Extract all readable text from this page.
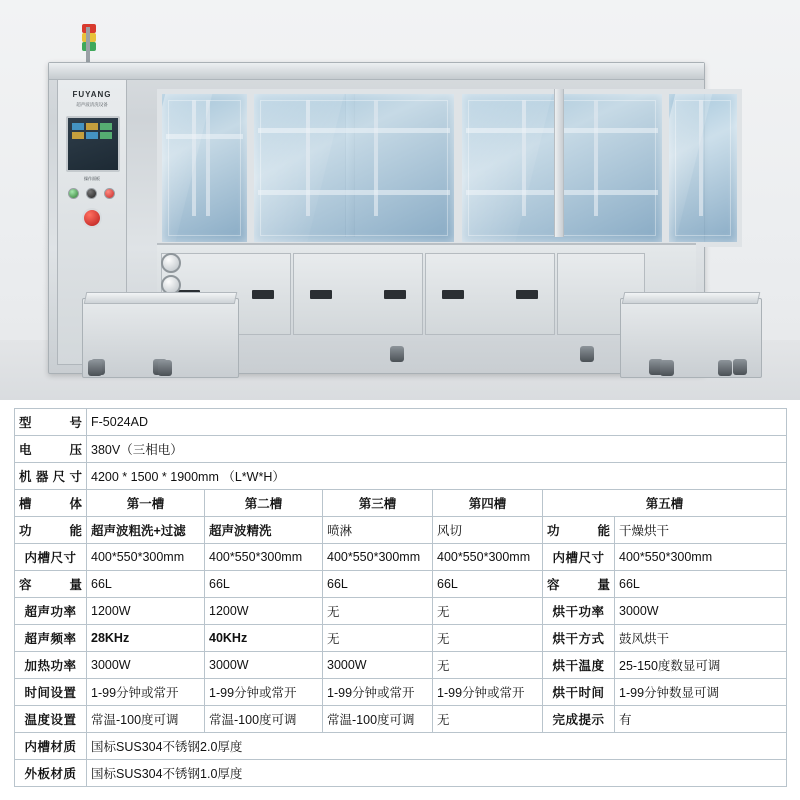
FUYANG
超声波清洗设备
操作面板
型　　号	F-5024AD					
电　　压	380V（三相电）					
机器尺寸	4200 * 1500 * 1900mm （L*W*H）					
槽　　体	第一槽	第二槽	第三槽	第四槽	第五槽	
功　　能	超声波粗洗+过滤	超声波精洗	喷淋	风切	功　　能	干燥烘干
内槽尺寸	400*550*300mm	400*550*300mm	400*550*300mm	400*550*300mm	内槽尺寸	400*550*300mm
容　　量	66L	66L	66L	66L	容　　量	66L
超声功率	1200W	1200W	无	无	烘干功率	3000W
超声频率	28KHz	40KHz	无	无	烘干方式	鼓风烘干
加热功率	3000W	3000W	3000W	无	烘干温度	25-150度数显可调
时间设置	1-99分钟或常开	1-99分钟或常开	1-99分钟或常开	1-99分钟或常开	烘干时间	1-99分钟数显可调
温度设置	常温-100度可调	常温-100度可调	常温-100度可调	无	完成提示	有
内槽材质	国标SUS304不锈钢2.0厚度					
外板材质	国标SUS304不锈钢1.0厚度					
